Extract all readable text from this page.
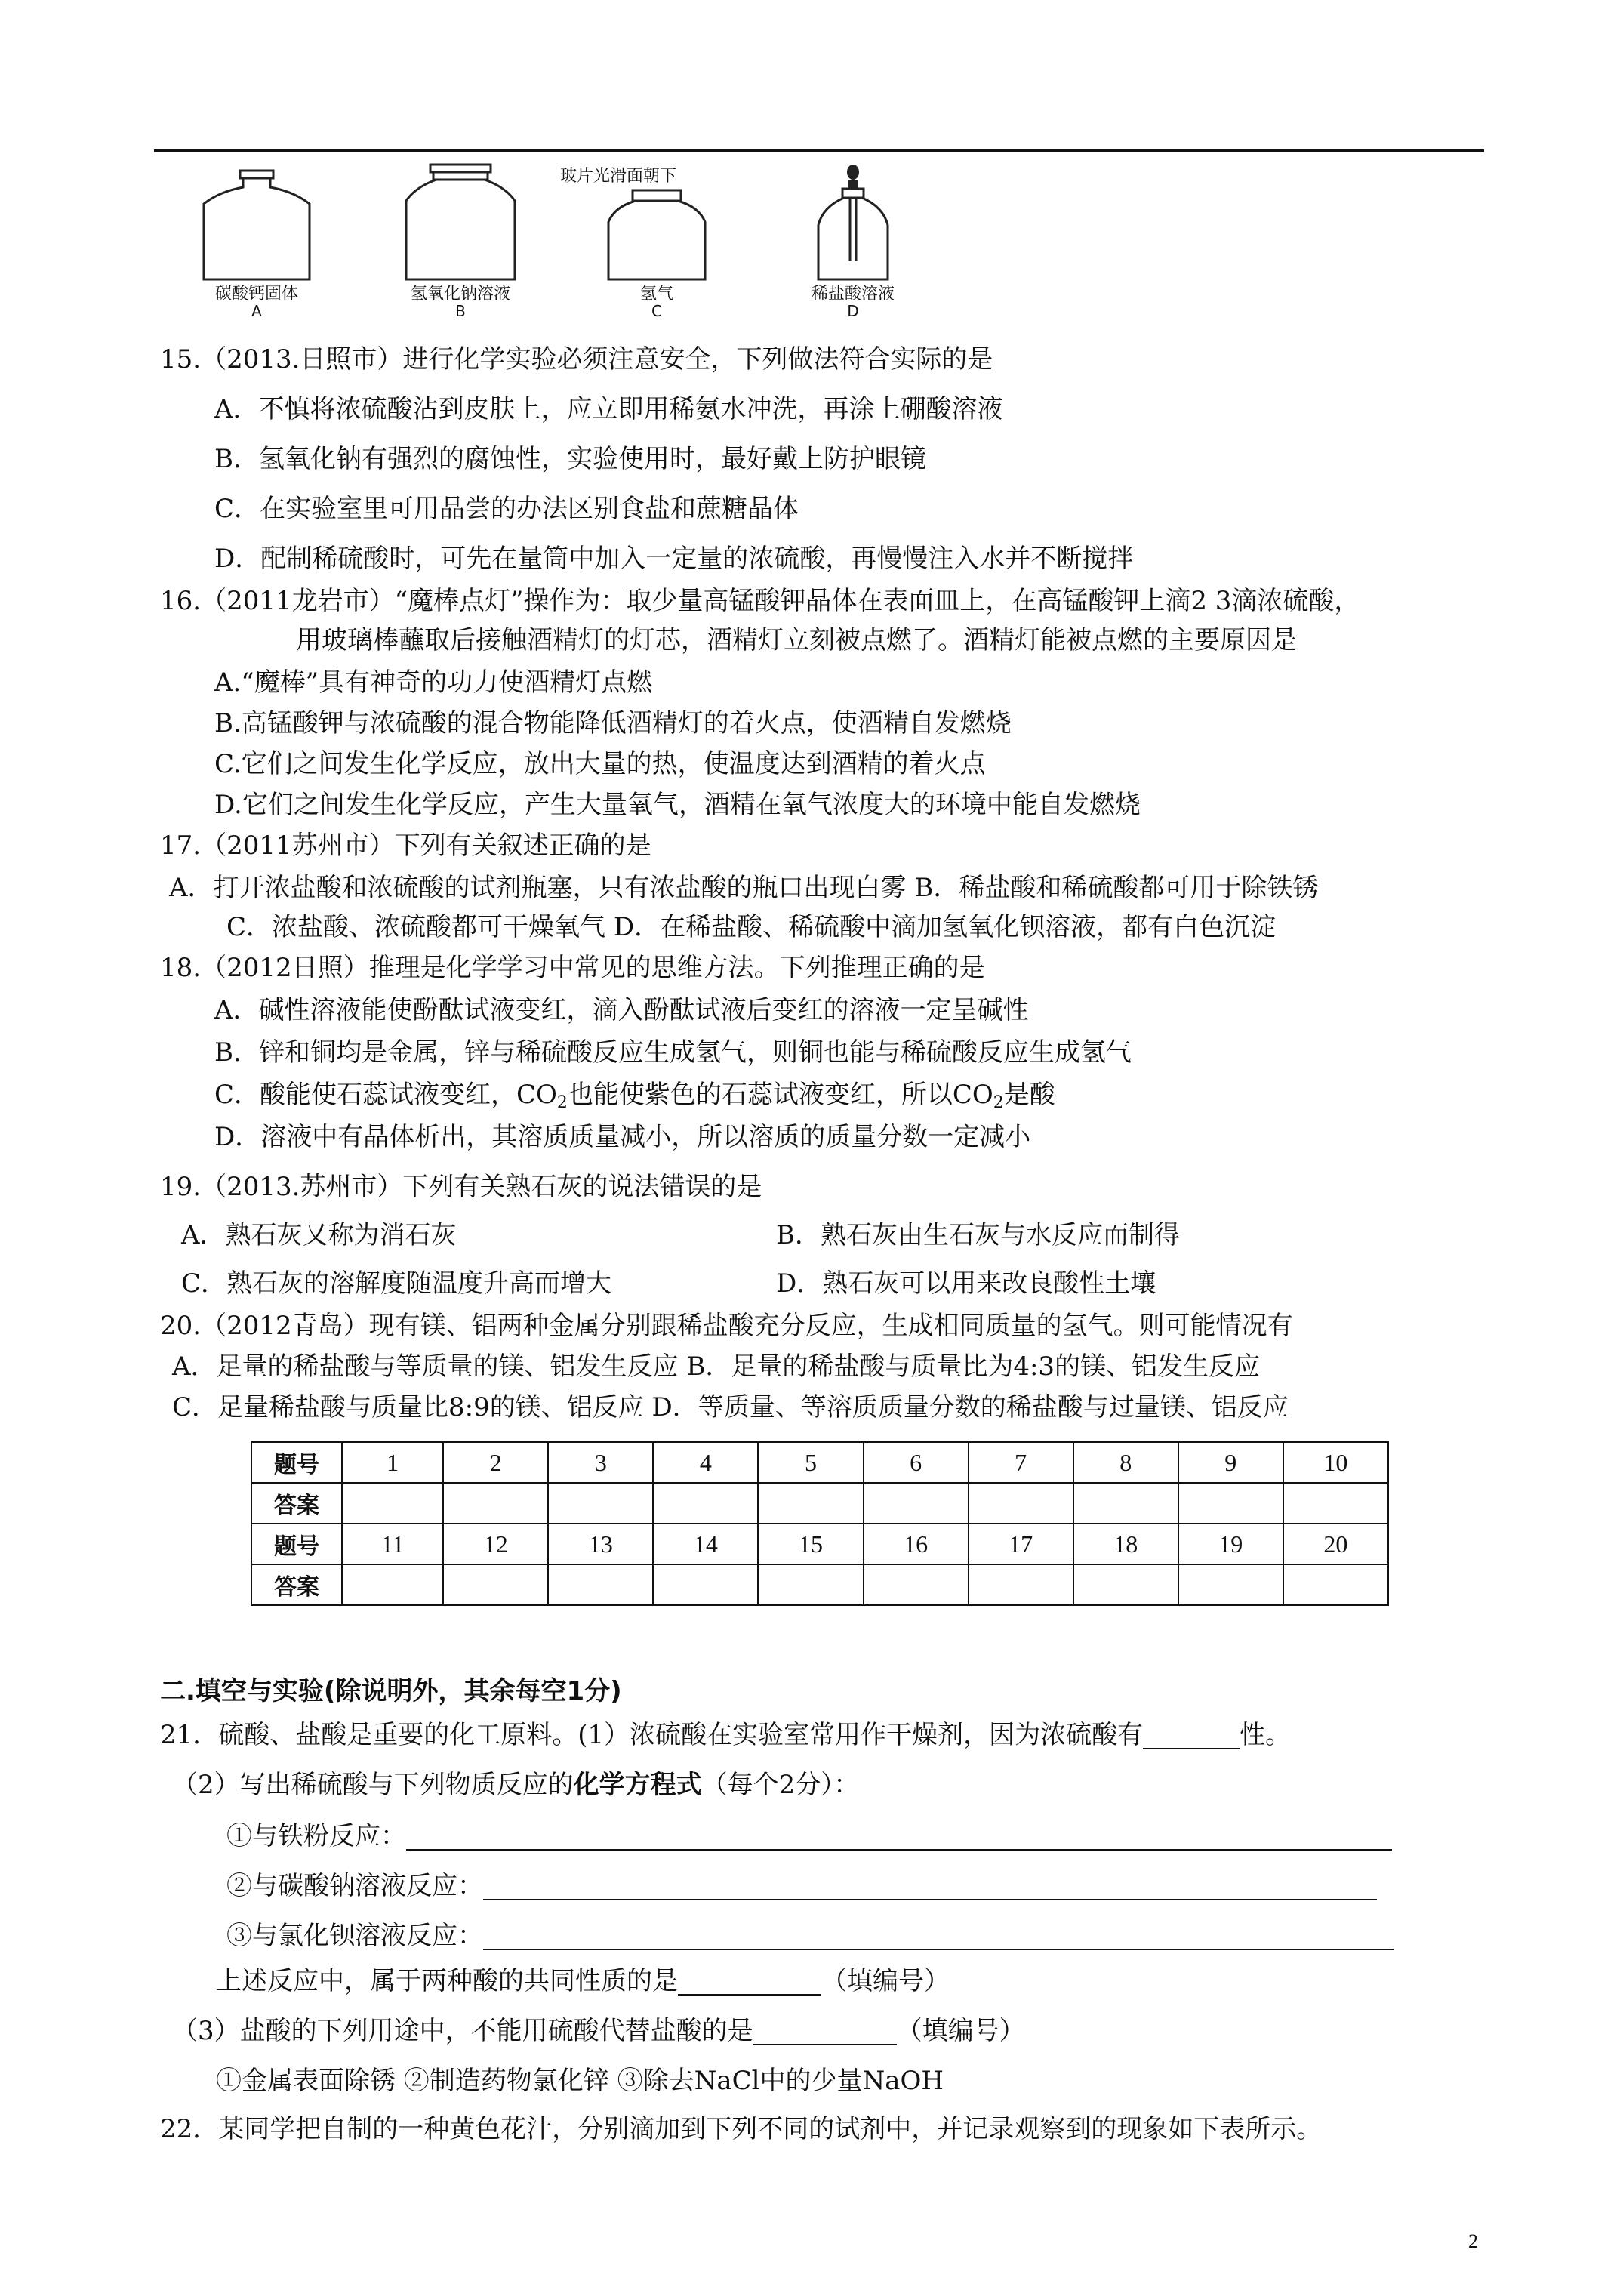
碳酸钙固体
A
氢氧化钠溶液
B
氢气
C
稀盐酸溶液
D
玻片光滑面朝下
15.（2013.日照市）进行化学实验必须注意安全，下列做法符合实际的是
A．不慎将浓硫酸沾到皮肤上，应立即用稀氨水冲洗，再涂上硼酸溶液
B．氢氧化钠有强烈的腐蚀性，实验使用时，最好戴上防护眼镜
C．在实验室里可用品尝的办法区别食盐和蔗糖晶体
D．配制稀硫酸时，可先在量筒中加入一定量的浓硫酸，再慢慢注入水并不断搅拌
16.（2011龙岩市）“魔棒点灯”操作为：取少量高锰酸钾晶体在表面皿上，在高锰酸钾上滴2 3滴浓硫酸，
用玻璃棒蘸取后接触酒精灯的灯芯，酒精灯立刻被点燃了。酒精灯能被点燃的主要原因是
A.“魔棒”具有神奇的功力使酒精灯点燃
B.高锰酸钾与浓硫酸的混合物能降低酒精灯的着火点，使酒精自发燃烧
C.它们之间发生化学反应，放出大量的热，使温度达到酒精的着火点
D.它们之间发生化学反应，产生大量氧气，酒精在氧气浓度大的环境中能自发燃烧
17.（2011苏州市）下列有关叙述正确的是
A．打开浓盐酸和浓硫酸的试剂瓶塞，只有浓盐酸的瓶口出现白雾 B．稀盐酸和稀硫酸都可用于除铁锈
C．浓盐酸、浓硫酸都可干燥氧气 D．在稀盐酸、稀硫酸中滴加氢氧化钡溶液，都有白色沉淀
18.（2012日照）推理是化学学习中常见的思维方法。下列推理正确的是
A．碱性溶液能使酚酞试液变红，滴入酚酞试液后变红的溶液一定呈碱性
B．锌和铜均是金属，锌与稀硫酸反应生成氢气，则铜也能与稀硫酸反应生成氢气
C．酸能使石蕊试液变红，$CO_2$也能使紫色的石蕊试液变红，所以$CO_2$是酸
D．溶液中有晶体析出，其溶质质量减小，所以溶质的质量分数一定减小
19.（2013.苏州市）下列有关熟石灰的说法错误的是
A．熟石灰又称为消石灰	B．熟石灰由生石灰与水反应而制得
C．熟石灰的溶解度随温度升高而增大	D．熟石灰可以用来改良酸性土壤
20.（2012青岛）现有镁、铝两种金属分别跟稀盐酸充分反应，生成相同质量的氢气。则可能情况有
A．足量的稀盐酸与等质量的镁、铝发生反应 B．足量的稀盐酸与质量比为4:3的镁、铝发生反应
C．足量稀盐酸与质量比8:9的镁、铝反应 D．等质量、等溶质质量分数的稀盐酸与过量镁、铝反应
题号	1	2	3	4	5	6	7	8	9	10
答案										
题号	11	12	13	14	15	16	17	18	19	20
答案										
二.填空与实验(除说明外，其余每空1分)
21．硫酸、盐酸是重要的化工原料。(1）浓硫酸在实验室常用作干燥剂，因为浓硫酸有	性。
（2）写出稀硫酸与下列物质反应的化学方程式（每个2分）：
①与铁粉反应：
②与碳酸钠溶液反应：
③与氯化钡溶液反应：
上述反应中，属于两种酸的共同性质的是	（填编号）
（3）盐酸的下列用途中，不能用硫酸代替盐酸的是	（填编号）
①金属表面除锈 ②制造药物氯化锌 ③除去NaCl中的少量NaOH
22．某同学把自制的一种黄色花汁，分别滴加到下列不同的试剂中，并记录观察到的现象如下表所示。
2
